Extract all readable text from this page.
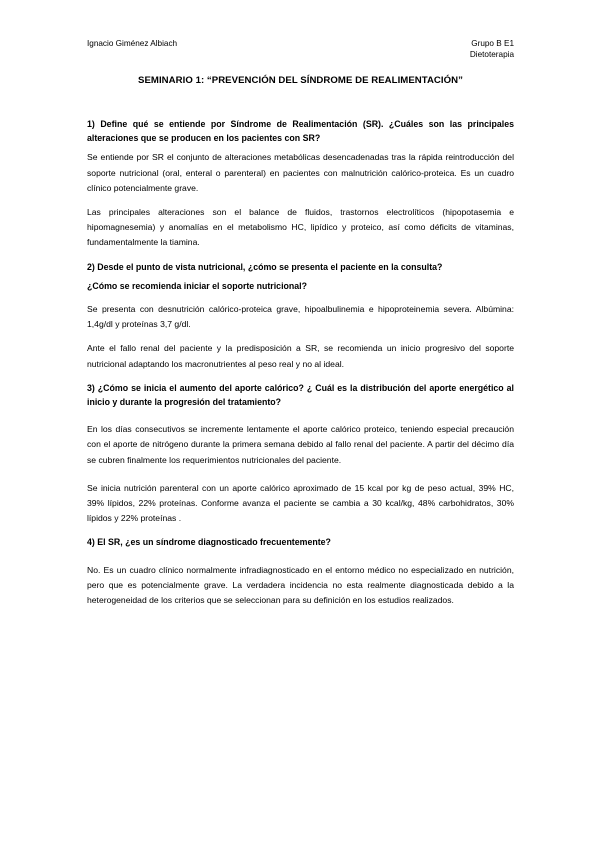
Ignacio Giménez Albiach	Grupo B E1
Dietoterapia
SEMINARIO 1: “PREVENCIÓN DEL SÍNDROME DE REALIMENTACIÓN”

1) Define qué se entiende por Síndrome de Realimentación (SR). ¿Cuáles son las principales alteraciones que se producen en los pacientes con SR?

Se entiende por SR el conjunto de alteraciones metabólicas desencadenadas tras la rápida reintroducción del soporte nutricional (oral, enteral o parenteral) en pacientes con malnutrición calórico-proteica. Es un cuadro clínico potencialmente grave.

Las principales alteraciones son el balance de fluidos, trastornos electrolíticos (hipopotasemia e hipomagnesemia) y anomalías en el metabolismo HC, lipídico y proteico, así como déficits de vitaminas, fundamentalmente la tiamina.

2) Desde el punto de vista nutricional, ¿cómo se presenta el paciente en la consulta?

¿Cómo se recomienda iniciar el soporte nutricional?

Se presenta con desnutrición calórico-proteica grave, hipoalbulinemia e hipoproteinemia severa. Albúmina: 1,4g/dl y proteínas 3,7 g/dl.

Ante el fallo renal del paciente y la predisposición a SR, se recomienda un inicio progresivo del soporte nutricional adaptando los macronutrientes al peso real y no al ideal.

3) ¿Cómo se inicia el aumento del aporte calórico? ¿ Cuál es la distribución del aporte energético al inicio y durante la progresión del tratamiento?

En los días consecutivos se incremente lentamente el aporte calórico proteico, teniendo especial precaución con el aporte de nitrógeno durante la primera semana debido al fallo renal del paciente. A partir del décimo día se cubren finalmente los requerimientos nutricionales del paciente.

Se inicia nutrición parenteral con un aporte calórico aproximado de 15 kcal por kg de peso actual, 39% HC, 39% lípidos, 22% proteínas. Conforme avanza el paciente se cambia a 30 kcal/kg, 48% carbohidratos, 30% lípidos y 22% proteínas .

4) El SR, ¿es un síndrome diagnosticado frecuentemente?

No. Es un cuadro clínico normalmente infradiagnosticado en el entorno médico no especializado en nutrición, pero que es potencialmente grave. La verdadera incidencia no esta realmente diagnosticada debido a la heterogeneidad de los criterios que se seleccionan para su definición en los estudios realizados.
